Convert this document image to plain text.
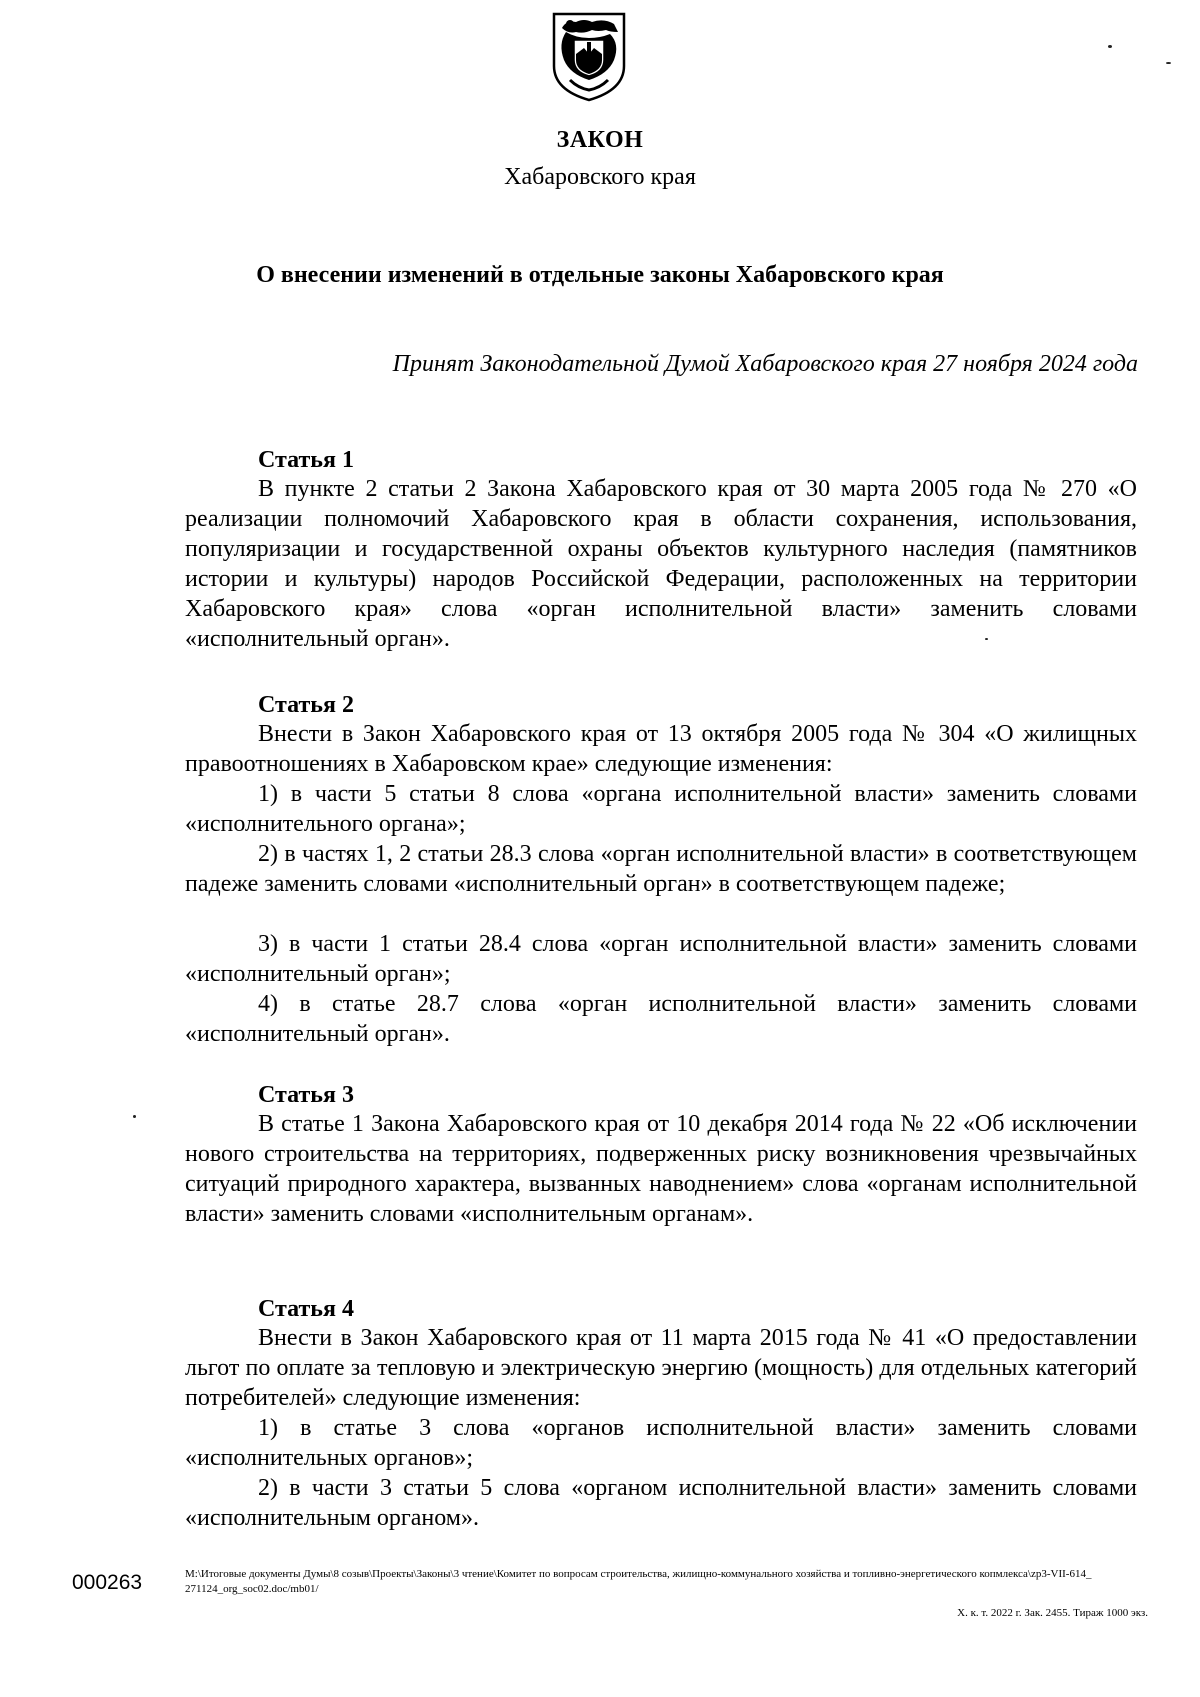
ЗАКОН
Хабаровского края
О внесении изменений в отдельные законы Хабаровского края
Принят Законодательной Думой Хабаровского края 27 ноября 2024 года
Статья 1
В пункте 2 статьи 2 Закона Хабаровского края от 30 марта 2005 года № 270 «О реализации полномочий Хабаровского края в области сохранения, использования, популяризации и государственной охраны объектов культурного наследия (памятников истории и культуры) народов Российской Федерации, расположенных на территории Хабаровского края» слова «орган исполнительной власти» заменить словами «исполнительный орган».
Статья 2
Внести в Закон Хабаровского края от 13 октября 2005 года № 304 «О жилищных правоотношениях в Хабаровском крае» следующие изменения:
1) в части 5 статьи 8 слова «органа исполнительной власти» заменить словами «исполнительного органа»;
2) в частях 1, 2 статьи 28.3 слова «орган исполнительной власти» в соответствующем падеже заменить словами «исполнительный орган» в соответствующем падеже;
3) в части 1 статьи 28.4 слова «орган исполнительной власти» заменить словами «исполнительный орган»;
4) в статье 28.7 слова «орган исполнительной власти» заменить словами «исполнительный орган».
Статья 3
В статье 1 Закона Хабаровского края от 10 декабря 2014 года № 22 «Об исключении нового строительства на территориях, подверженных риску возникновения чрезвычайных ситуаций природного характера, вызванных наводнением» слова «органам исполнительной власти» заменить словами «исполнительным органам».
Статья 4
Внести в Закон Хабаровского края от 11 марта 2015 года № 41 «О предоставлении льгот по оплате за тепловую и электрическую энергию (мощность) для отдельных категорий потребителей» следующие изменения:
1) в статье 3 слова «органов исполнительной власти» заменить словами «исполнительных органов»;
2) в части 3 статьи 5 слова «органом исполнительной власти» заменить словами «исполнительным органом».
000263	M:\Итоговые документы Думы\8 созыв\Проекты\Законы\3 чтение\Комитет по вопросам строительства, жилищно-коммунального хозяйства и топливно-энергетического копмлекса\zp3-VII-614_ 271124_org_soc02.doc/mb01/
Х. к. т. 2022 г. Зак. 2455. Тираж 1000 экз.
